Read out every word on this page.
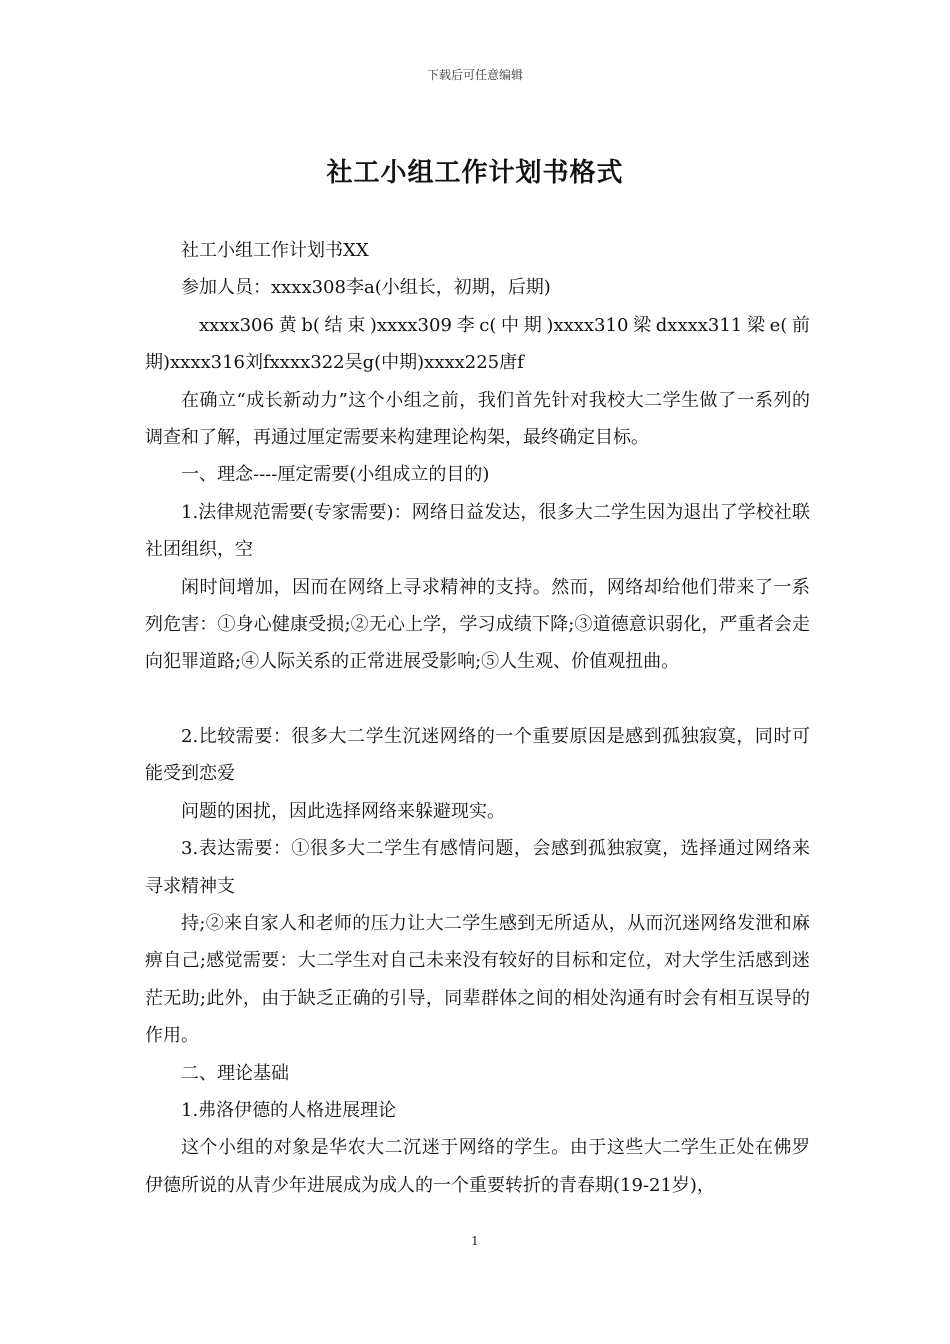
下载后可任意编辑
社工小组工作计划书格式

社工小组工作计划书XX

参加人员：xxxx308李a(小组长，初期，后期)

xxxx306黄b(结束)xxxx309李c(中期)xxxx310梁dxxxx311梁e(前期)xxxx316刘fxxxx322吴g(中期)xxxx225唐f

在确立“成长新动力”这个小组之前，我们首先针对我校大二学生做了一系列的调查和了解，再通过厘定需要来构建理论构架，最终确定目标。

一、理念----厘定需要(小组成立的目的)

1.法律规范需要(专家需要)：网络日益发达，很多大二学生因为退出了学校社联社团组织，空

闲时间增加，因而在网络上寻求精神的支持。然而，网络却给他们带来了一系列危害：①身心健康受损;②无心上学，学习成绩下降;③道德意识弱化，严重者会走向犯罪道路;④人际关系的正常进展受影响;⑤人生观、价值观扭曲。

2.比较需要：很多大二学生沉迷网络的一个重要原因是感到孤独寂寞，同时可能受到恋爱

问题的困扰，因此选择网络来躲避现实。

3.表达需要：①很多大二学生有感情问题，会感到孤独寂寞，选择通过网络来寻求精神支

持;②来自家人和老师的压力让大二学生感到无所适从，从而沉迷网络发泄和麻痹自己;感觉需要：大二学生对自己未来没有较好的目标和定位，对大学生活感到迷茫无助;此外，由于缺乏正确的引导，同辈群体之间的相处沟通有时会有相互误导的作用。

二、理论基础

1.弗洛伊德的人格进展理论

这个小组的对象是华农大二沉迷于网络的学生。由于这些大二学生正处在佛罗伊德所说的从青少年进展成为成人的一个重要转折的青春期(19-21岁)，

1
